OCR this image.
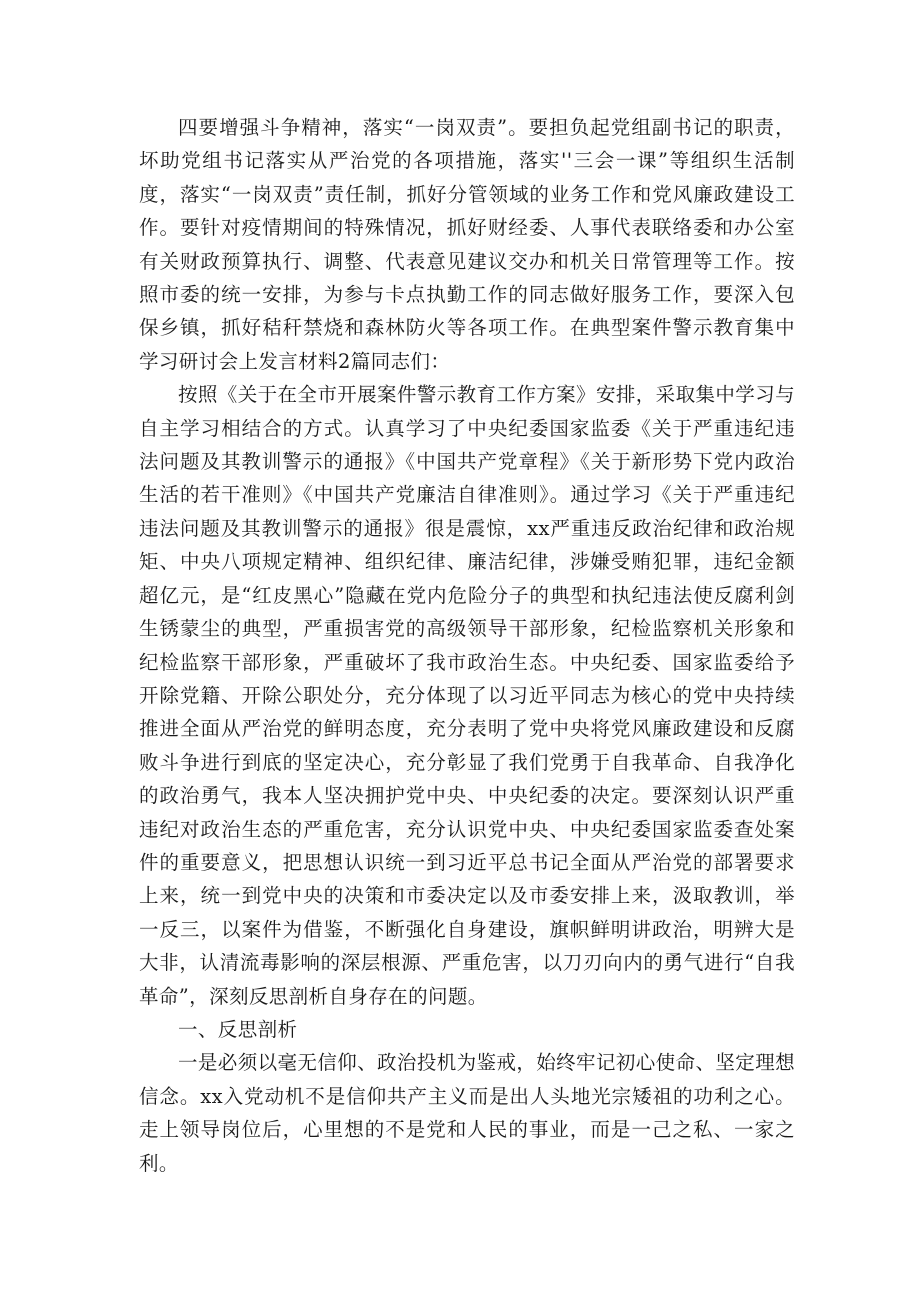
四要增强斗争精神，落实“一岗双责”。要担负起党组副书记的职责，坏助党组书记落实从严治党的各项措施，落实''三会一课”等组织生活制度，落实“一岗双责”责任制，抓好分管领域的业务工作和党风廉政建设工作。要针对疫情期间的特殊情况，抓好财经委、人事代表联络委和办公室有关财政预算执行、调整、代表意见建议交办和机关日常管理等工作。按照市委的统一安排，为参与卡点执勤工作的同志做好服务工作，要深入包保乡镇，抓好秸秆禁烧和森林防火等各项工作。在典型案件警示教育集中学习研讨会上发言材料2篇同志们：

按照《关于在全市开展案件警示教育工作方案》安排，采取集中学习与自主学习相结合的方式。认真学习了中央纪委国家监委《关于严重违纪违法问题及其教训警示的通报》《中国共产党章程》《关于新形势下党内政治生活的若干准则》《中国共产党廉洁自律准则》。通过学习《关于严重违纪违法问题及其教训警示的通报》很是震惊，xx严重违反政治纪律和政治规矩、中央八项规定精神、组织纪律、廉洁纪律，涉嫌受贿犯罪，违纪金额超亿元，是“红皮黑心”隐藏在党内危险分子的典型和执纪违法使反腐利剑生锈蒙尘的典型，严重损害党的高级领导干部形象，纪检监察机关形象和纪检监察干部形象，严重破坏了我市政治生态。中央纪委、国家监委给予开除党籍、开除公职处分，充分体现了以习近平同志为核心的党中央持续推进全面从严治党的鲜明态度，充分表明了党中央将党风廉政建设和反腐败斗争进行到底的坚定决心，充分彰显了我们党勇于自我革命、自我净化的政治勇气，我本人坚决拥护党中央、中央纪委的决定。要深刻认识严重违纪对政治生态的严重危害，充分认识党中央、中央纪委国家监委查处案件的重要意义，把思想认识统一到习近平总书记全面从严治党的部署要求上来，统一到党中央的决策和市委决定以及市委安排上来，汲取教训，举一反三，以案件为借鉴，不断强化自身建设，旗帜鲜明讲政治，明辨大是大非，认清流毒影响的深层根源、严重危害，以刀刃向内的勇气进行“自我革命”，深刻反思剖析自身存在的问题。

一、反思剖析

一是必须以毫无信仰、政治投机为鉴戒，始终牢记初心使命、坚定理想信念。xx入党动机不是信仰共产主义而是出人头地光宗矮祖的功利之心。走上领导岗位后，心里想的不是党和人民的事业，而是一己之私、一家之利。
